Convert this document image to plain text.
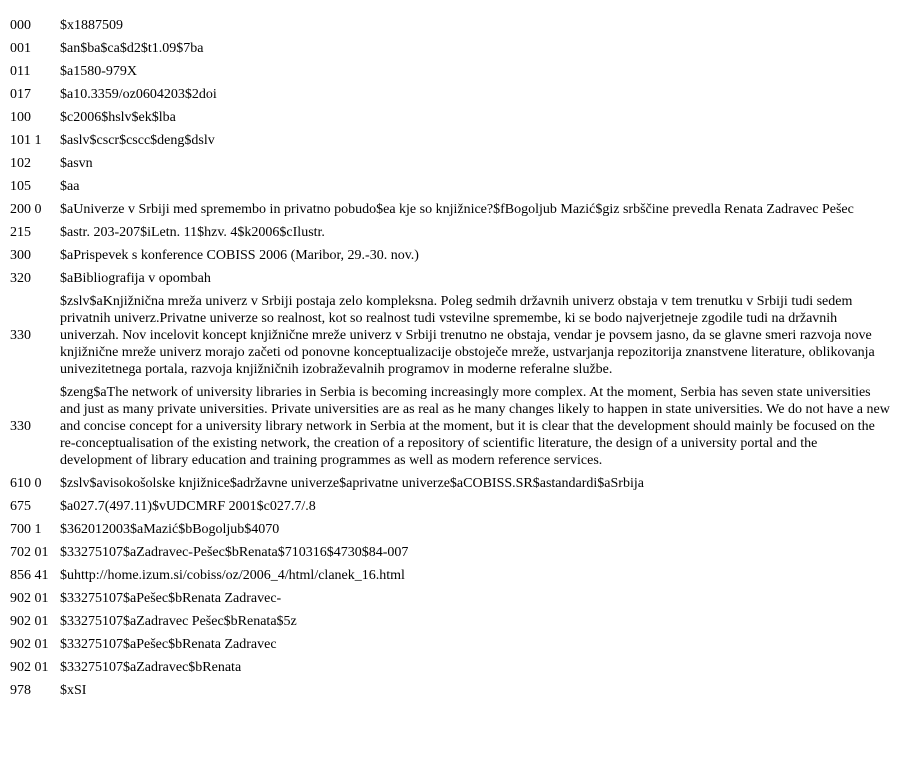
000	$x1887509
001	$an$ba$ca$d2$t1.09$7ba
011	$a1580-979X
017	$a10.3359/oz0604203$2doi
100	$c2006$hslv$ek$lba
101 1	$aslv$cscr$cscc$deng$dslv
102	$asvn
105	$aa
200 0	$aUniverze v Srbiji med spremembo in privatno pobudo$ea kje so knjižnice?$fBogoljub Mazić$giz srbščine prevedla Renata Zadravec Pešec
215	$astr. 203-207$iLetn. 11$hzv. 4$k2006$cIlustr.
300	$aPrispevek s konference COBISS 2006 (Maribor, 29.-30. nov.)
320	$aBibliografija v opombah
330	$zslv$aKnjižnična mreža univerz v Srbiji postaja zelo kompleksna. Poleg sedmih državnih univerz obstaja v tem trenutku v Srbiji tudi sedem privatnih univerz.Privatne univerze so realnost, kot so realnost tudi vstevilne spremembe, ki se bodo najverjetneje zgodile tudi na državnih univerzah. Nov incelovit koncept knjižnične mreže univerz v Srbiji trenutno ne obstaja, vendar je povsem jasno, da se glavne smeri razvoja nove knjižnične mreže univerz morajo začeti od ponovne konceptualizacije obstoječe mreže, ustvarjanja repozitorija znanstvene literature, oblikovanja univezitetnega portala, razvoja knjižničnih izobraževalnih programov in moderne referalne službe.
330	$zeng$aThe network of university libraries in Serbia is becoming increasingly more complex. At the moment, Serbia has seven state universities and just as many private universities. Private universities are as real as he many changes likely to happen in state universities. We do not have a new and concise concept for a university library network in Serbia at the moment, but it is clear that the development should mainly be focused on the re-conceptualisation of the existing network, the creation of a repository of scientific literature, the design of a university portal and the development of library education and training programmes as well as modern reference services.
610 0	$zslv$avisokošolske knjižnice$adržavne univerze$aprivatne univerze$aCOBISS.SR$astandardi$aSrbija
675	$a027.7(497.11)$vUDCMRF 2001$c027.7/.8
700 1	$362012003$aMazić$bBogoljub$4070
702 01	$33275107$aZadravec-Pešec$bRenata$710316$4730$84-007
856 41	$uhttp://home.izum.si/cobiss/oz/2006_4/html/clanek_16.html
902 01	$33275107$aPešec$bRenata Zadravec-
902 01	$33275107$aZadravec Pešec$bRenata$5z
902 01	$33275107$aPešec$bRenata Zadravec
902 01	$33275107$aZadravec$bRenata
978	$xSI
